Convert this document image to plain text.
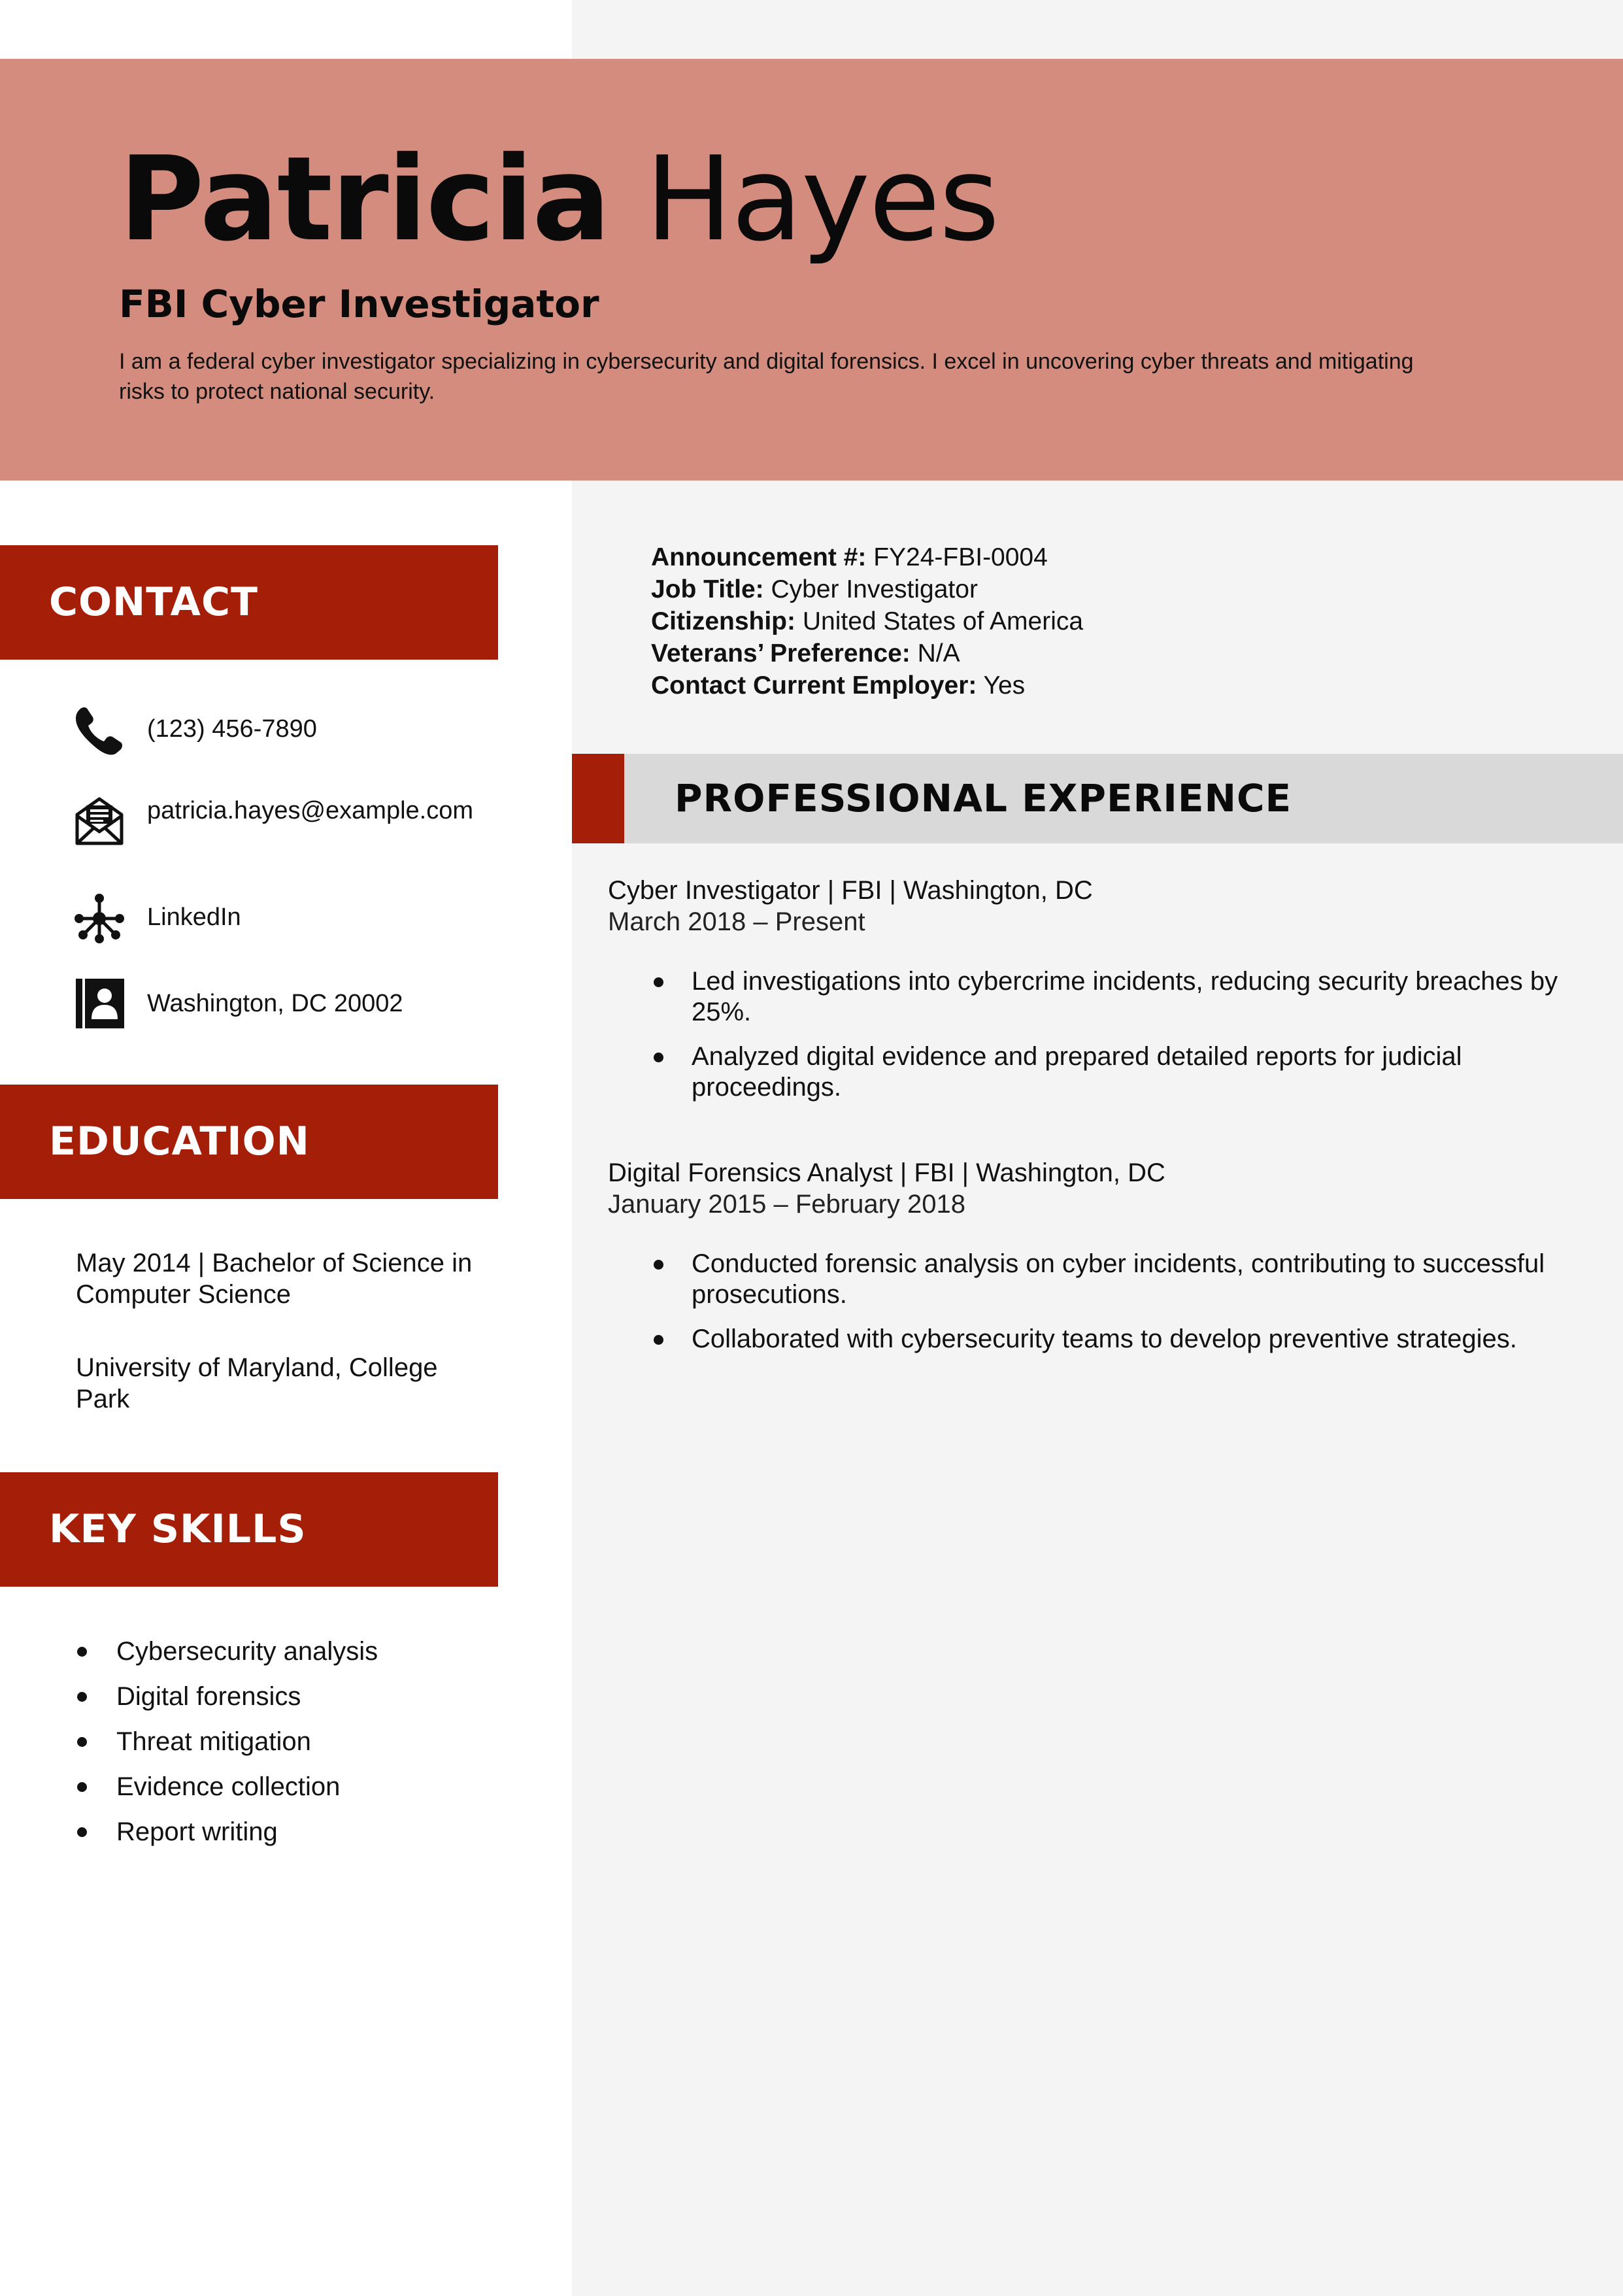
Patricia Hayes
FBI Cyber Investigator
I am a federal cyber investigator specializing in cybersecurity and digital forensics. I excel in uncovering cyber threats and mitigating risks to protect national security.
CONTACT
(123) 456-7890
patricia.hayes@example.com
LinkedIn
Washington, DC 20002
EDUCATION
May 2014 | Bachelor of Science in Computer Science
University of Maryland, College Park
KEY SKILLS
Cybersecurity analysis
Digital forensics
Threat mitigation
Evidence collection
Report writing
Announcement #: FY24-FBI-0004
Job Title: Cyber Investigator
Citizenship: United States of America
Veterans’ Preference: N/A
Contact Current Employer: Yes
PROFESSIONAL EXPERIENCE
Cyber Investigator | FBI | Washington, DC
March 2018 – Present
Led investigations into cybercrime incidents, reducing security breaches by 25%.
Analyzed digital evidence and prepared detailed reports for judicial proceedings.
Digital Forensics Analyst | FBI | Washington, DC
January 2015 – February 2018
Conducted forensic analysis on cyber incidents, contributing to successful prosecutions.
Collaborated with cybersecurity teams to develop preventive strategies.
